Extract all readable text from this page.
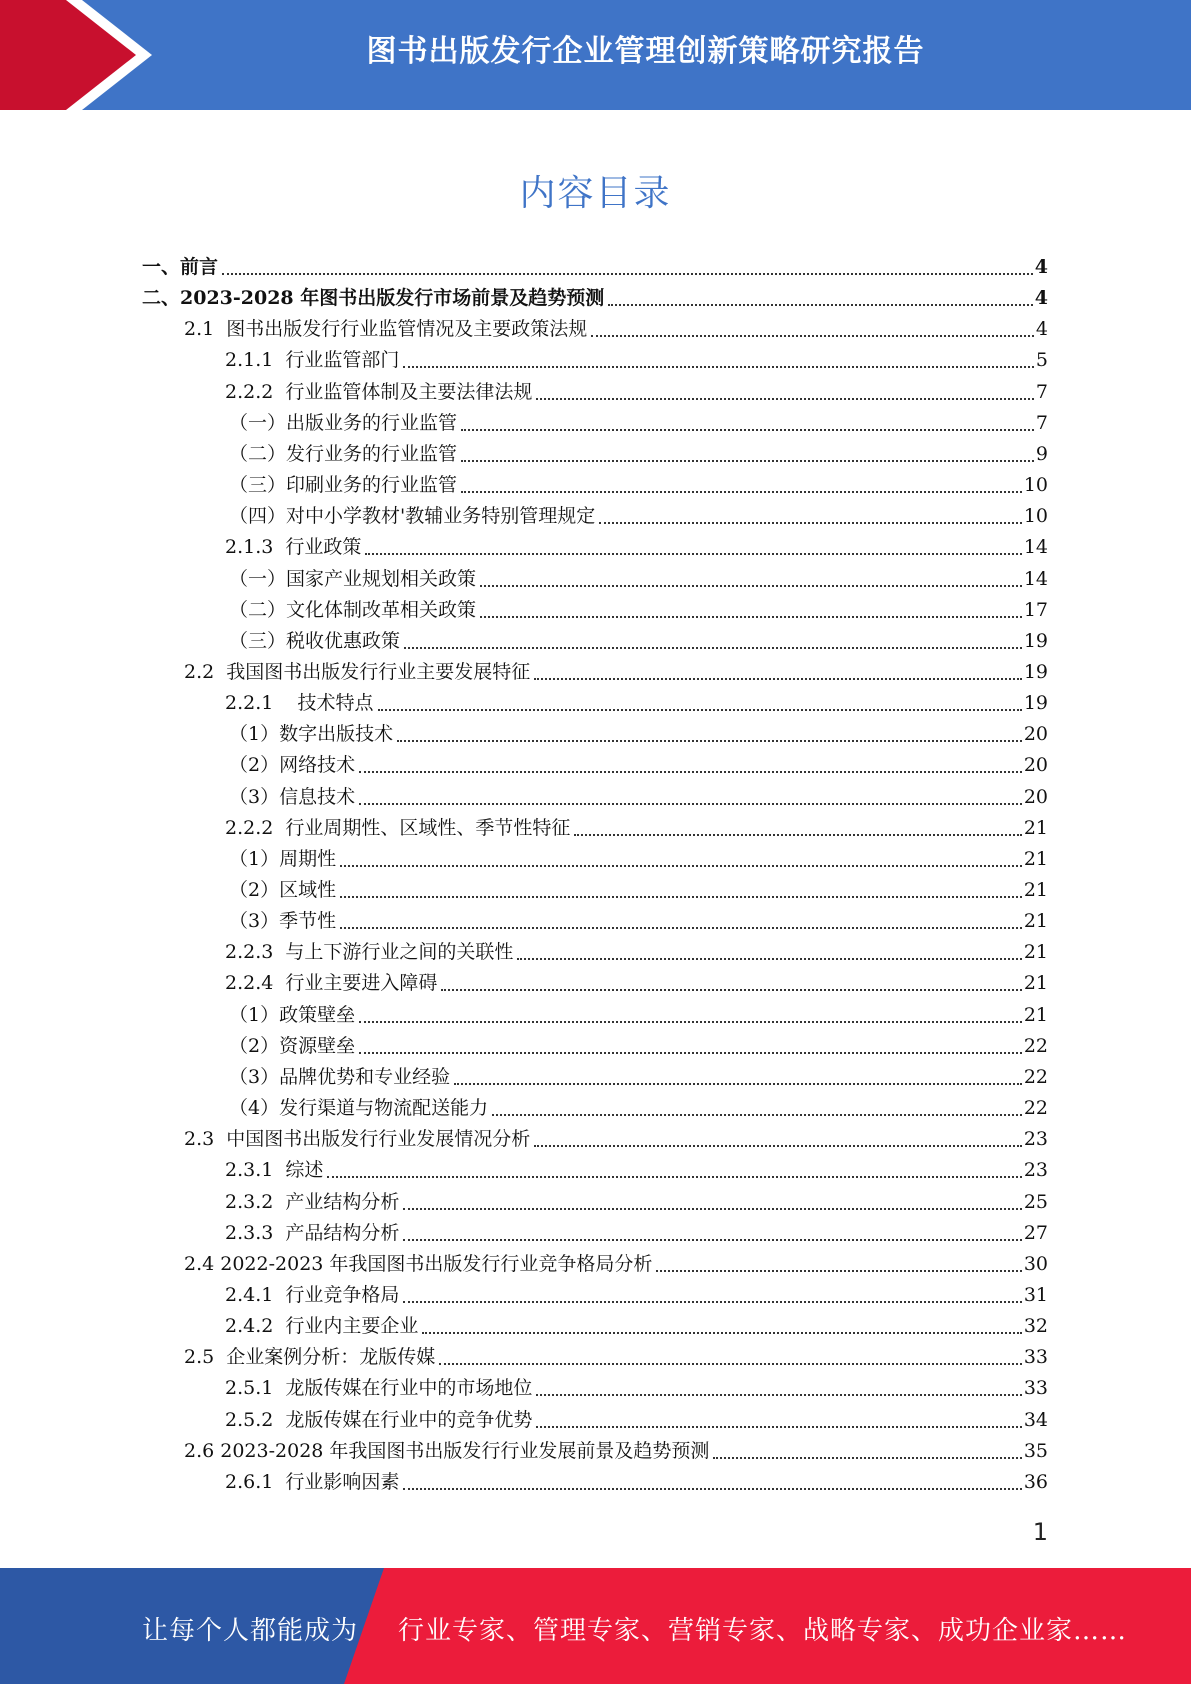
图书出版发行企业管理创新策略研究报告
内容目录
一、前言	4
二、2023-2028 年图书出版发行市场前景及趋势预测	4
2.1  图书出版发行行业监管情况及主要政策法规	4
2.1.1  行业监管部门	5
2.2.2  行业监管体制及主要法律法规	7
（一）出版业务的行业监管	7
（二）发行业务的行业监管	9
（三）印刷业务的行业监管	10
（四）对中小学教材'教辅业务特别管理规定	10
2.1.3  行业政策	14
（一）国家产业规划相关政策	14
（二）文化体制改革相关政策	17
（三）税收优惠政策	19
2.2  我国图书出版发行行业主要发展特征	19
2.2.1    技术特点	19
（1）数字出版技术	20
（2）网络技术	20
（3）信息技术	20
2.2.2  行业周期性、区域性、季节性特征	21
（1）周期性	21
（2）区域性	21
（3）季节性	21
2.2.3  与上下游行业之间的关联性	21
2.2.4  行业主要进入障碍	21
（1）政策壁垒	21
（2）资源壁垒	22
（3）品牌优势和专业经验	22
（4）发行渠道与物流配送能力	22
2.3  中国图书出版发行行业发展情况分析	23
2.3.1  综述	23
2.3.2  产业结构分析	25
2.3.3  产品结构分析	27
2.4 2022-2023 年我国图书出版发行行业竞争格局分析	30
2.4.1  行业竞争格局	31
2.4.2  行业内主要企业	32
2.5  企业案例分析：龙版传媒	33
2.5.1  龙版传媒在行业中的市场地位	33
2.5.2  龙版传媒在行业中的竞争优势	34
2.6 2023-2028 年我国图书出版发行行业发展前景及趋势预测	35
2.6.1  行业影响因素	36
1
让每个人都能成为 行业专家、管理专家、营销专家、战略专家、成功企业家……
